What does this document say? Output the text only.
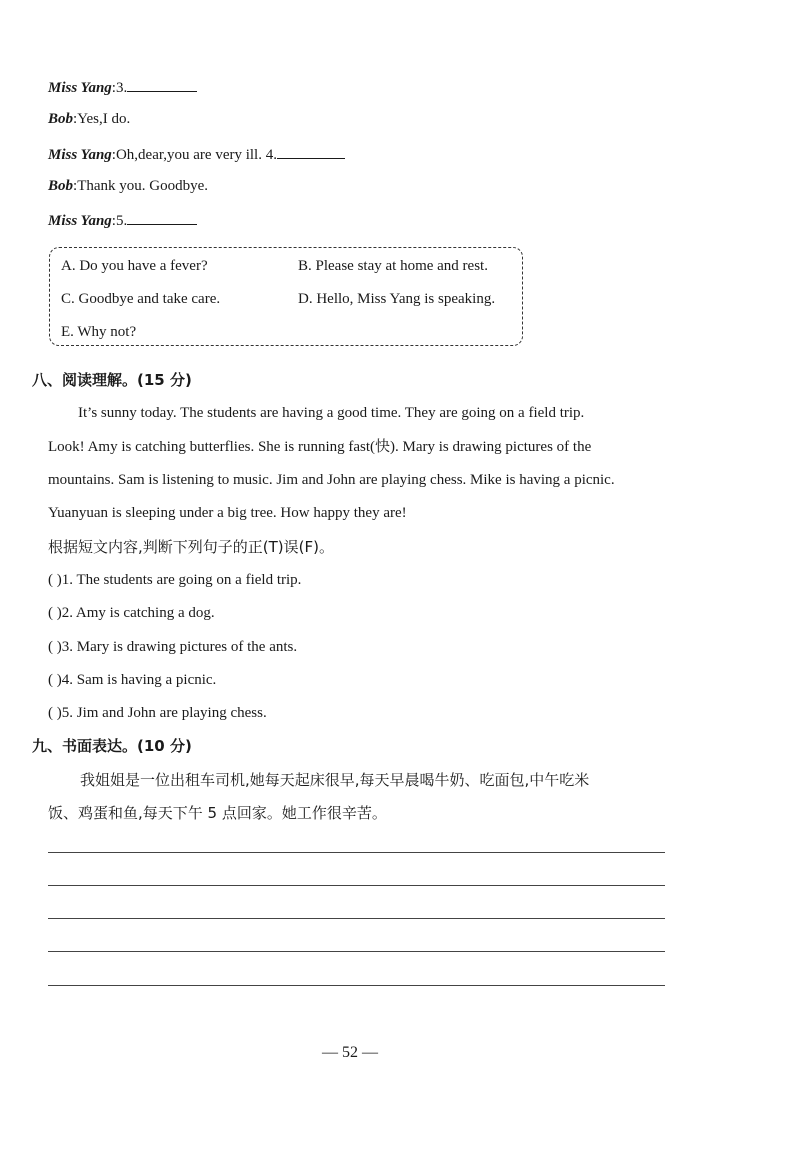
Miss Yang:3.
Bob:Yes,I do.
Miss Yang:Oh,dear,you are very ill. 4.
Bob:Thank you. Goodbye.
Miss Yang:5.
A. Do you have a fever?	B. Please stay at home and rest.
C. Goodbye and take care.	D. Hello, Miss Yang is speaking.
E. Why not?
八、阅读理解。(15 分)
It’s sunny today. The students are having a good time. They are going on a field trip.
Look! Amy is catching butterflies. She is running fast(快). Mary is drawing pictures of the
mountains. Sam is listening to music. Jim and John are playing chess. Mike is having a picnic.
Yuanyuan is sleeping under a big tree. How happy they are!
根据短文内容,判断下列句子的正(T)误(F)。
( )1. The students are going on a field trip.
( )2. Amy is catching a dog.
( )3. Mary is drawing pictures of the ants.
( )4. Sam is having a picnic.
( )5. Jim and John are playing chess.
九、书面表达。(10 分)
我姐姐是一位出租车司机,她每天起床很早,每天早晨喝牛奶、吃面包,中午吃米
饭、鸡蛋和鱼,每天下午 5 点回家。她工作很辛苦。
— 52 —
